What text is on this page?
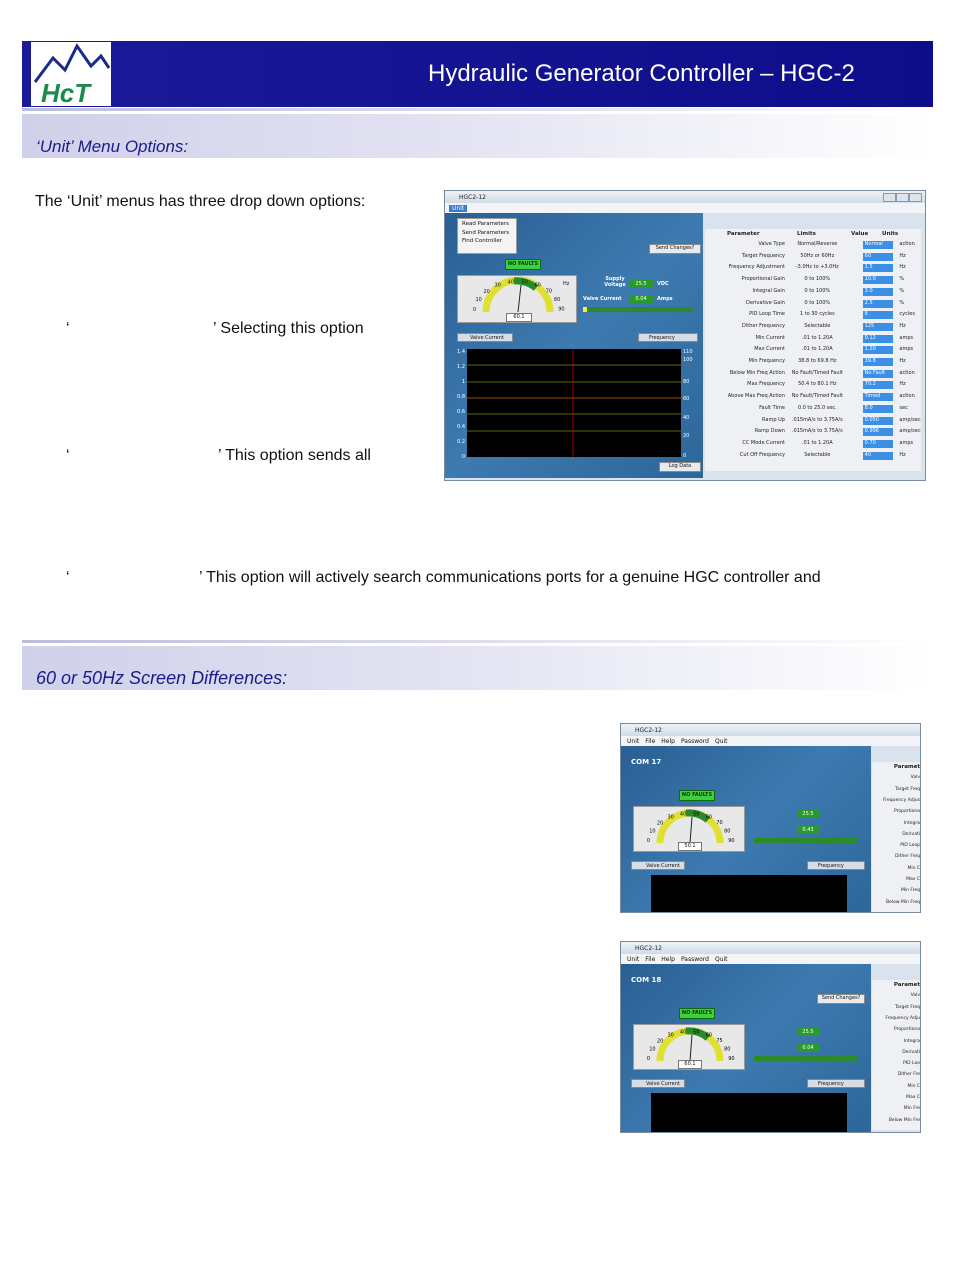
HcT
Hydraulic Generator Controller – HGC-2
‘Unit’ Menu Options:
The ‘Unit’ menus has three drop down options:
‘	’ Selecting this option
‘	’ This option sends all
‘	’ This option will actively search communications ports for a genuine HGC controller and
HGC2-12
Unit
Read Parameters
Send Parameters
Find Controller
Send Changes?
NO FAULTS
0
10
20
30
40 50
60
70
80
90
Hz
60.1
Supply Voltage	25.5	VDC
Valve Current	0.04	Amps
Valve Current	Frequency
Log Data
Parameter	Limits	Value	Units
Valve Type	Normal/Reverse	Normal	action
Target Frequency	50Hz or 60Hz	60	Hz
Frequency Adjustment	-3.0Hz to +3.0Hz	1.5	Hz
Proportional Gain	0 to 100%	10.0	%
Integral Gain	0 to 100%	3.0	%
Derivative Gain	0 to 100%	2.5	%
PID Loop Time	1 to 30 cycles	8	cycles
Dither Frequency	Selectable	125	Hz
Min Current	.01 to 1.20A	0.12	amps
Max Current	.01 to 1.20A	1.20	amps
Min Frequency	38.8 to 69.8 Hz	39.8	Hz
Below Min Freq Action	No Fault/Timed Fault	No Fault	action
Max Frequency	50.4 to 80.1 Hz	70.2	Hz
Above Max Freq Action	No Fault/Timed Fault	Timed	action
Fault Time	0.0 to 25.0 sec.	8.0	sec
Ramp Up	.015mA/s to 3.75A/s	0.050	amp/sec
Ramp Down	.015mA/s to 3.75A/s	0.996	amp/sec
CC Mode Current	.01 to 1.20A	0.70	amps
Cut Off Frequency	Selectable	40	Hz
1.4
1.2
1
0.8
0.6
0.4
0.2
0
110
100
80
60
40
20
0
60 or 50Hz Screen Differences:
HGC2-12
Unit File Help Password Quit
COM 17
NO FAULTS
0
10
20
30
40 50 60
70
80
90
50.1
25.5
0.43
Valve Current	Frequency
Paramet
Valv
Target Freq
Frequency Adjus
Proportiona
Integra
Derivati
PID Loop
Dither Freq
Min C
Max C
Min Freq
Below Min Freq
HGC2-12
Unit File Help Password Quit
COM 18
Send Changes?
NO FAULTS
0
10
20
30
40 50 60
75
80
90
60.1
25.5
0.04
Valve Current	Frequency
Paramet
Valv
Target Freq
Frequency Adju
Proportiona
Integra
Derivati
PID Loo
Dither Fre
Min C
Max C
Min Fre
Below Min Fre
